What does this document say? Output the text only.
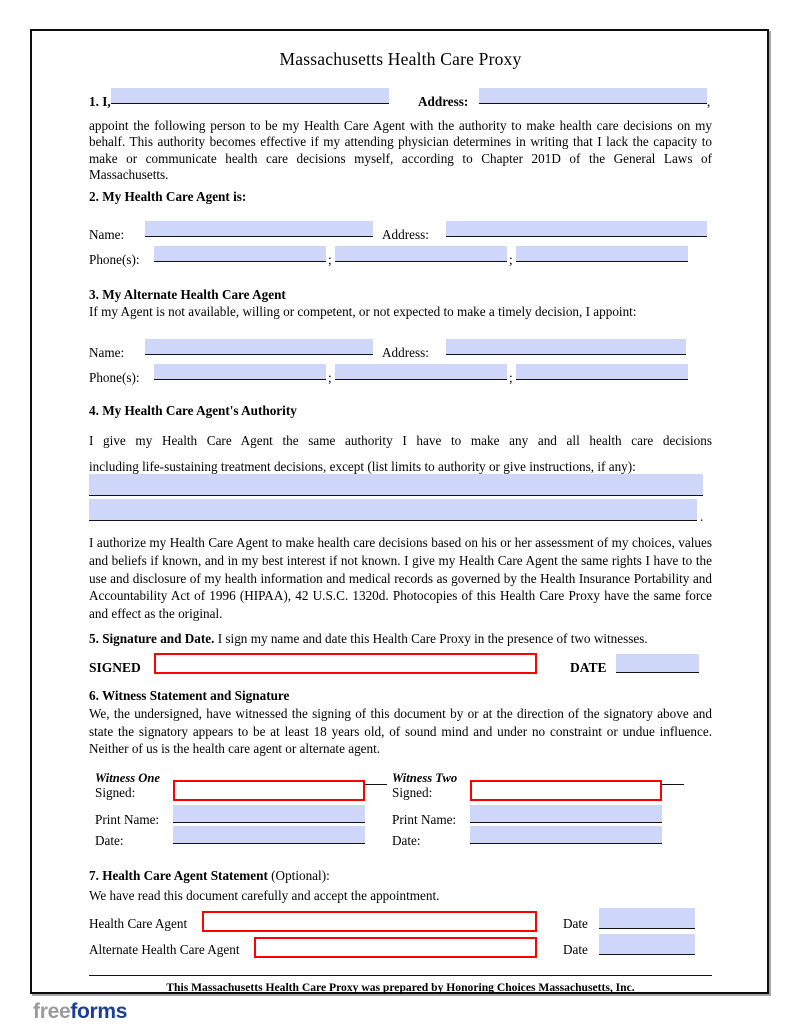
Massachusetts Health Care Proxy
1. I,	Address:	,

appoint the following person to be my Health Care Agent with the authority to make health care decisions on my behalf. This authority becomes effective if my attending physician determines in writing that I lack the capacity to make or communicate health care decisions myself, according to Chapter 201D of the General Laws of Massachusetts.

2. My Health Care Agent is:

Name:	Address:
Phone(s):	;	;

3. My Alternate Health Care Agent

If my Agent is not available, willing or competent, or not expected to make a timely decision, I appoint:

Name:	Address:
Phone(s):	;	;

4. My Health Care Agent's Authority

I give my Health Care Agent the same authority I have to make any and all health care decisions

including life-sustaining treatment decisions, except (list limits to authority or give instructions, if any):

.

I authorize my Health Care Agent to make health care decisions based on his or her assessment of my choices, values and beliefs if known, and in my best interest if not known. I give my Health Care Agent the same rights I have to the use and disclosure of my health information and medical records as governed by the Health Insurance Portability and Accountability Act of 1996 (HIPAA), 42 U.S.C. 1320d. Photocopies of this Health Care Proxy have the same force and effect as the original.

5. Signature and Date. I sign my name and date this Health Care Proxy in the presence of two witnesses.

SIGNED	DATE

6. Witness Statement and Signature

We, the undersigned, have witnessed the signing of this document by or at the direction of the signatory above and state the signatory appears to be at least 18 years old, of sound mind and under no constraint or undue influence. Neither of us is the health care agent or alternate agent.

Witness One
Signed:
Print Name:
Date:
Witness Two
Signed:
Print Name:
Date:

7. Health Care Agent Statement (Optional):

We have read this document carefully and accept the appointment.

Health Care Agent	Date
Alternate Health Care Agent	Date
This Massachusetts Health Care Proxy was prepared by Honoring Choices Massachusetts, Inc.
freeforms
